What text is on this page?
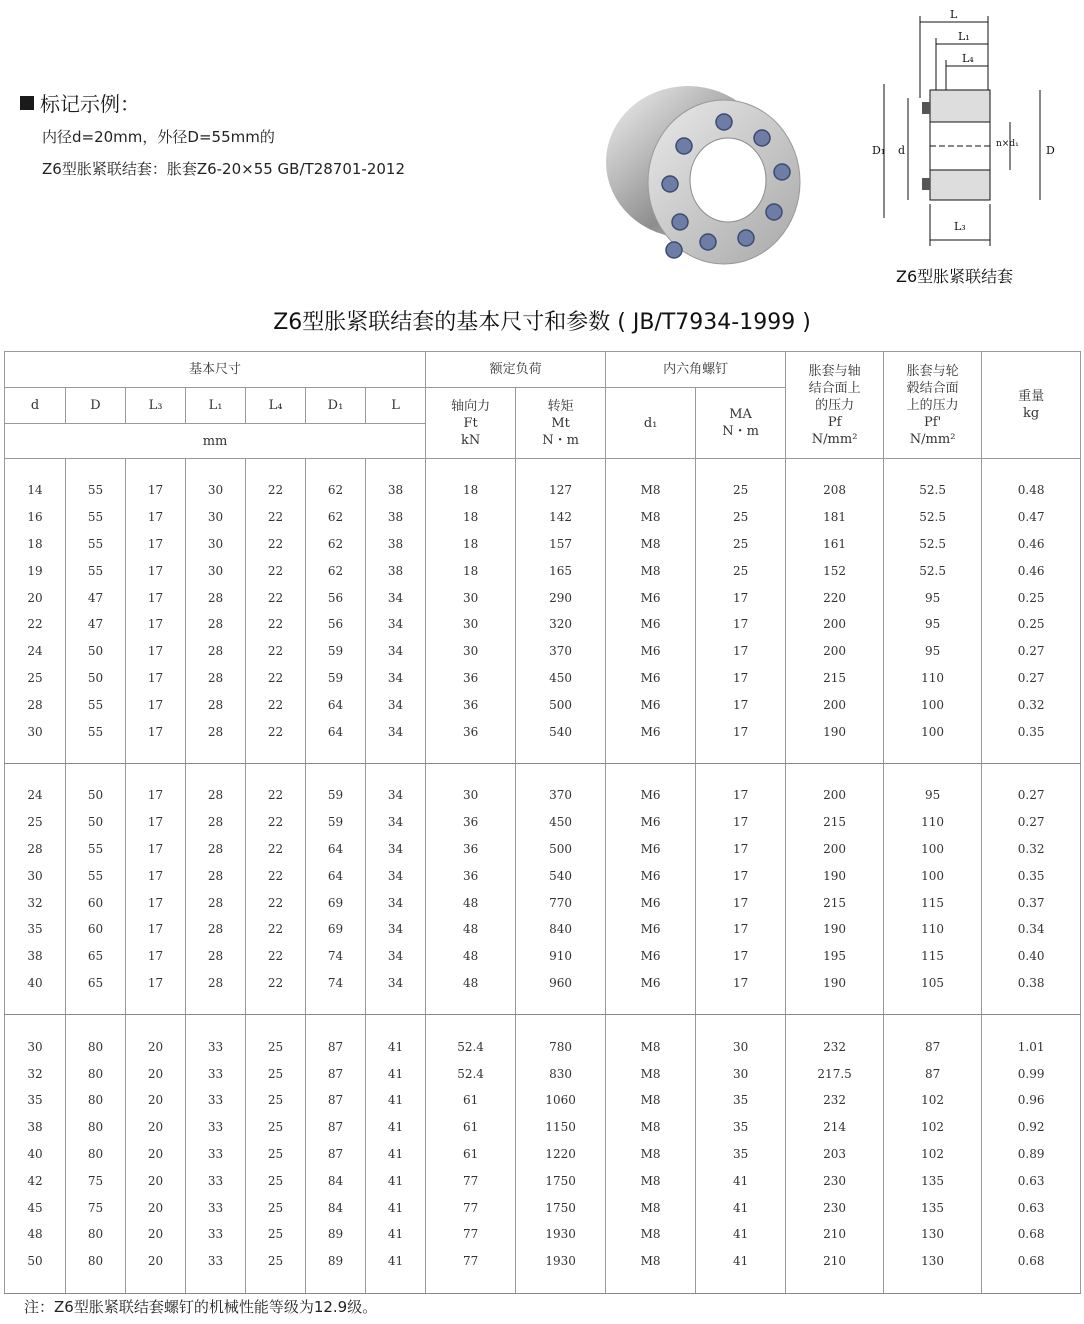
标记示例：
内径d=20mm，外径D=55mm的
Z6型胀紧联结套：胀套Z6-20×55 GB/T28701-2012
L
L₁
L₄
L₃
D₁ d	D
n×d₁
Z6型胀紧联结套
Z6型胀紧联结套的基本尺寸和参数 ( JB/T7934-1999 )
基本尺寸							额定负荷		内六角螺钉		胀套与轴
结合面上
的压力
Pf
N/mm²	胀套与轮
毂结合面
上的压力
Pf'
N/mm²	重量
kg
d	D	L₃	L₁	L₄	D₁	L	轴向力
Ft
kN	转矩
Mt
N・m	d₁	MA
N・m			
mm													

14	55	17	30	22	62	38	18	127	M8	25	208	52.5	0.48
16	55	17	30	22	62	38	18	142	M8	25	181	52.5	0.47
18	55	17	30	22	62	38	18	157	M8	25	161	52.5	0.46
19	55	17	30	22	62	38	18	165	M8	25	152	52.5	0.46
20	47	17	28	22	56	34	30	290	M6	17	220	95	0.25
22	47	17	28	22	56	34	30	320	M6	17	200	95	0.25
24	50	17	28	22	59	34	30	370	M6	17	200	95	0.27
25	50	17	28	22	59	34	36	450	M6	17	215	110	0.27
28	55	17	28	22	64	34	36	500	M6	17	200	100	0.32
30	55	17	28	22	64	34	36	540	M6	17	190	100	0.35

24	50	17	28	22	59	34	30	370	M6	17	200	95	0.27
25	50	17	28	22	59	34	36	450	M6	17	215	110	0.27
28	55	17	28	22	64	34	36	500	M6	17	200	100	0.32
30	55	17	28	22	64	34	36	540	M6	17	190	100	0.35
32	60	17	28	22	69	34	48	770	M6	17	215	115	0.37
35	60	17	28	22	69	34	48	840	M6	17	190	110	0.34
38	65	17	28	22	74	34	48	910	M6	17	195	115	0.40
40	65	17	28	22	74	34	48	960	M6	17	190	105	0.38

30	80	20	33	25	87	41	52.4	780	M8	30	232	87	1.01
32	80	20	33	25	87	41	52.4	830	M8	30	217.5	87	0.99
35	80	20	33	25	87	41	61	1060	M8	35	232	102	0.96
38	80	20	33	25	87	41	61	1150	M8	35	214	102	0.92
40	80	20	33	25	87	41	61	1220	M8	35	203	102	0.89
42	75	20	33	25	84	41	77	1750	M8	41	230	135	0.63
45	75	20	33	25	84	41	77	1750	M8	41	230	135	0.63
48	80	20	33	25	89	41	77	1930	M8	41	210	130	0.68
50	80	20	33	25	89	41	77	1930	M8	41	210	130	0.68

注：Z6型胀紧联结套螺钉的机械性能等级为12.9级。
